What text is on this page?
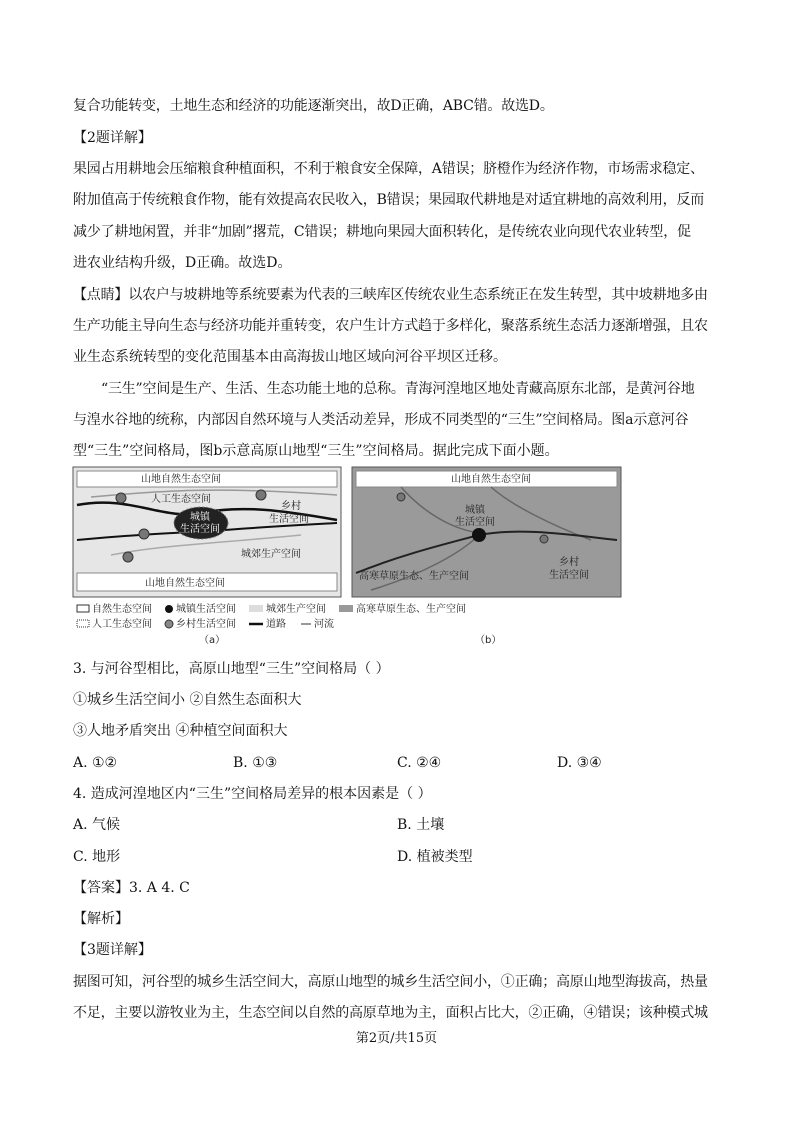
复合功能转变，土地生态和经济的功能逐渐突出，故D正确，ABC错。故选D。
【2题详解】
果园占用耕地会压缩粮食种植面积，不利于粮食安全保障，A错误；脐橙作为经济作物，市场需求稳定、
附加值高于传统粮食作物，能有效提高农民收入，B错误；果园取代耕地是对适宜耕地的高效利用，反而
减少了耕地闲置，并非“加剧”撂荒，C错误；耕地向果园大面积转化，是传统农业向现代农业转型，促
进农业结构升级，D正确。故选D。
【点睛】以农户与坡耕地等系统要素为代表的三峡库区传统农业生态系统正在发生转型，其中坡耕地多由
生产功能主导向生态与经济功能并重转变，农户生计方式趋于多样化，聚落系统生态活力逐渐增强，且农
业生态系统转型的变化范围基本由高海拔山地区域向河谷平坝区迁移。
“三生”空间是生产、生活、生态功能土地的总称。青海河湟地区地处青藏高原东北部，是黄河谷地
与湟水谷地的统称，内部因自然环境与人类活动差异，形成不同类型的“三生”空间格局。图a示意河谷
型“三生”空间格局，图b示意高原山地型“三生”空间格局。据此完成下面小题。
山地自然生态空间
人工生态空间
乡村
生活空间
城镇
生活空间
城郊生产空间
山地自然生态空间
山地自然生态空间
城镇
生活空间
高寒草原生态、生产空间
乡村
生活空间
自然生态空间 城镇生活空间	城郊生产空间	高寒草原生态、生产空间
人工生态空间 乡村生活空间	道路	河流
（a）	（b）
3. 与河谷型相比，高原山地型“三生”空间格局（ ）
①城乡生活空间小 ②自然生态面积大
③人地矛盾突出 ④种植空间面积大
A. ①②	B. ①③	C. ②④	D. ③④
4. 造成河湟地区内“三生”空间格局差异的根本因素是（ ）
A. 气候	B. 土壤
C. 地形	D. 植被类型
【答案】3. A 4. C
【解析】
【3题详解】
据图可知，河谷型的城乡生活空间大，高原山地型的城乡生活空间小，①正确；高原山地型海拔高，热量
不足，主要以游牧业为主，生态空间以自然的高原草地为主，面积占比大，②正确，④错误；该种模式城
第2页/共15页
